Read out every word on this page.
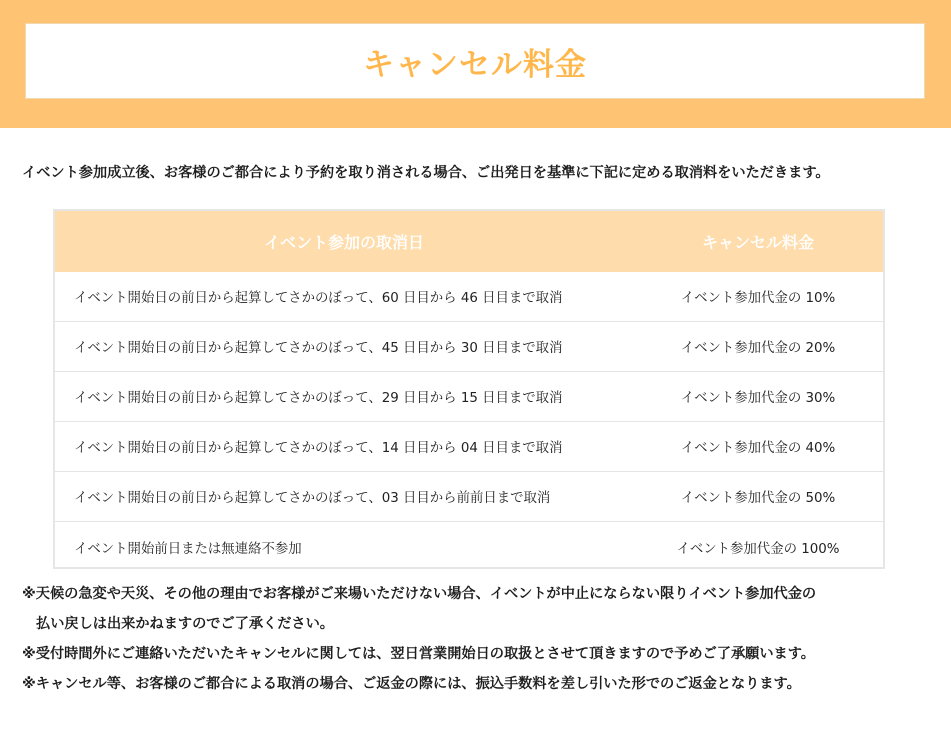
キャンセル料金
イベント参加成立後、お客様のご都合により予約を取り消される場合、ご出発日を基準に下記に定める取消料をいただきます。
イベント参加の取消日	キャンセル料金
イベント開始日の前日から起算してさかのぼって、60 日目から 46 日目まで取消	イベント参加代金の 10%
イベント開始日の前日から起算してさかのぼって、45 日目から 30 日目まで取消	イベント参加代金の 20%
イベント開始日の前日から起算してさかのぼって、29 日目から 15 日目まで取消	イベント参加代金の 30%
イベント開始日の前日から起算してさかのぼって、14 日目から 04 日目まで取消	イベント参加代金の 40%
イベント開始日の前日から起算してさかのぼって、03 日目から前前日まで取消	イベント参加代金の 50%
イベント開始前日または無連絡不参加	イベント参加代金の 100%
※天候の急変や天災、その他の理由でお客様がご来場いただけない場合、イベントが中止にならない限りイベント参加代金の
払い戻しは出来かねますのでご了承ください。
※受付時間外にご連絡いただいたキャンセルに関しては、翌日営業開始日の取扱とさせて頂きますので予めご了承願います。
※キャンセル等、お客様のご都合による取消の場合、ご返金の際には、振込手数料を差し引いた形でのご返金となります。
